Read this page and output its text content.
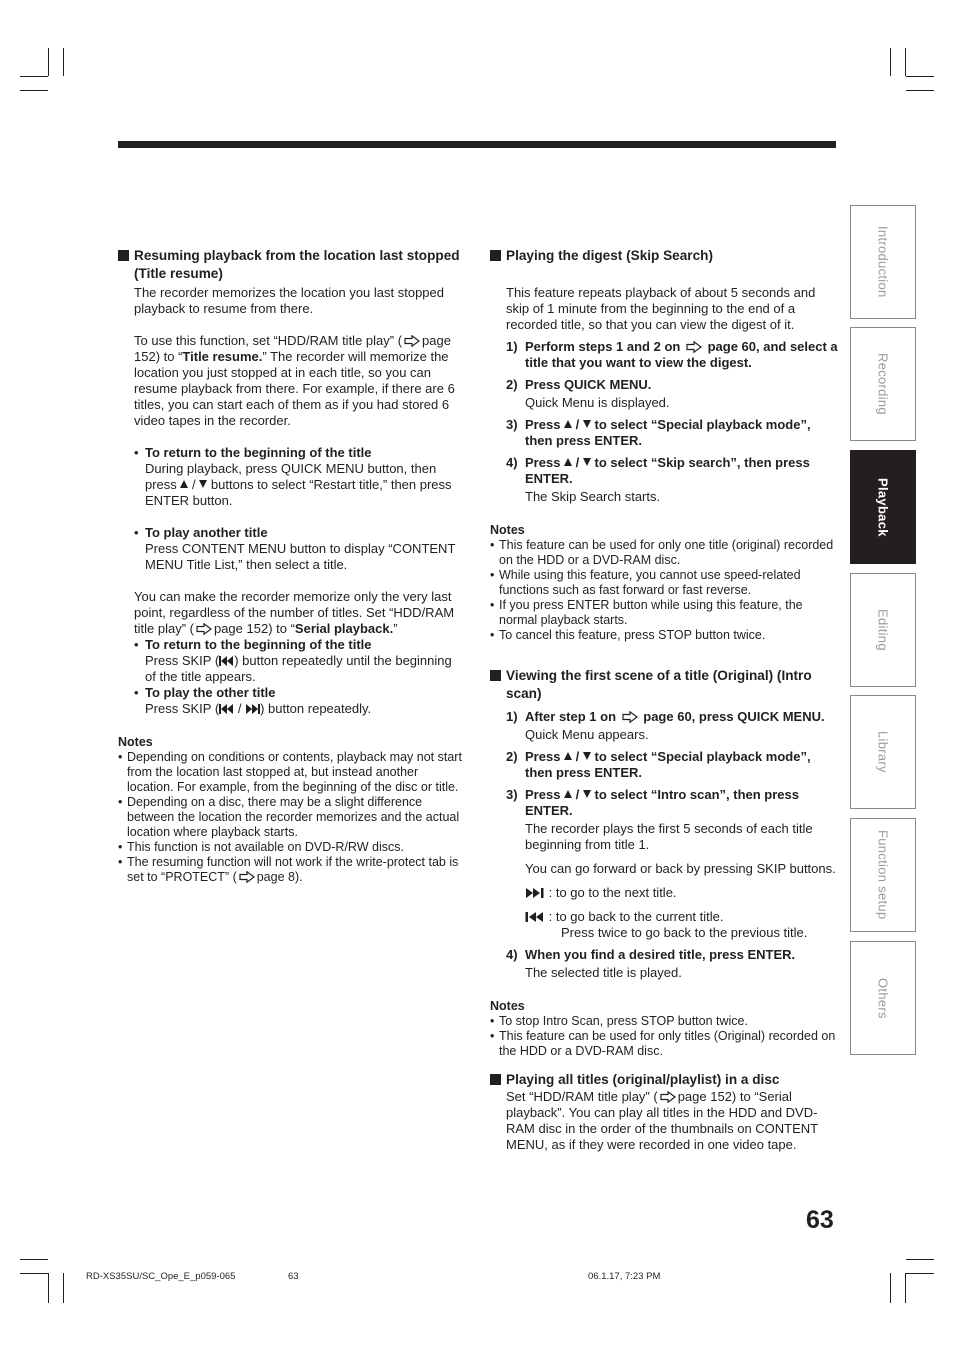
Resuming playback from the location last stopped (Title resume)

The recorder memorizes the location you last stopped playback to resume from there.

To use this function, set “HDD/RAM title play” ( page 152) to “Title resume.” The recorder will memorize the location you just stopped at in each title, so you can resume playback from there. For example, if there are 6 titles, you can start each of them as if you had stored 6 video tapes in the recorder.

• To return to the beginning of the title
During playback, press QUICK MENU button, then press / buttons to select “Restart title,” then press ENTER button.
• To play another title
Press CONTENT MENU button to display “CONTENT MENU Title List,” then select a title.

You can make the recorder memorize only the very last point, regardless of the number of titles. Set “HDD/RAM title play” ( page 152) to “Serial playback.”

• To return to the beginning of the title
Press SKIP ( ) button repeatedly until the beginning of the title appears.
• To play the other title
Press SKIP ( / ) button repeatedly.
Notes
• Depending on conditions or contents, playback may not start from the location last stopped at, but instead another location. For example, from the beginning of the disc or title.
• Depending on a disc, there may be a slight difference between the location the recorder memorizes and the actual location where playback starts.
• This function is not available on DVD-R/RW discs.
• The resuming function will not work if the write-protect tab is set to “PROTECT” ( page 8).
Playing the digest (Skip Search)

This feature repeats playback of about 5 seconds and skip of 1 minute from the beginning to the end of a recorded title, so that you can view the digest of it.

1) Perform steps 1 and 2 on page 60, and select a title that you want to view the digest.
2) Press QUICK MENU.
Quick Menu is displayed.
3) Press / to select “Special playback mode”, then press ENTER.
4) Press / to select “Skip search”, then press ENTER.
The Skip Search starts.
Notes
• This feature can be used for only one title (original) recorded on the HDD or a DVD-RAM disc.
• While using this feature, you cannot use speed-related functions such as fast forward or fast reverse.
• If you press ENTER button while using this feature, the normal playback starts.
• To cancel this feature, press STOP button twice.
Viewing the first scene of a title (Original) (Intro scan)
1) After step 1 on page 60, press QUICK MENU.
Quick Menu appears.
2) Press / to select “Special playback mode”, then press ENTER.
3) Press / to select “Intro scan”, then press ENTER.
The recorder plays the first 5 seconds of each title beginning from title 1.
You can go forward or back by pressing SKIP buttons.
: to go to the next title.
: to go back to the current title.
Press twice to go back to the previous title.
4) When you find a desired title, press ENTER.
The selected title is played.
Notes
• To stop Intro Scan, press STOP button twice.
• This feature can be used for only titles (Original) recorded on the HDD or a DVD-RAM disc.
Playing all titles (original/playlist) in a disc

Set “HDD/RAM title play” ( page 152) to “Serial playback”. You can play all titles in the HDD and DVD-RAM disc in the order of the thumbnails on CONTENT MENU, as if they were recorded in one video tape.

Introduction
Recording
Playback
Editing
Library
Function setup
Others
63
RD-XS35SU/SC_Ope_E_p059-065	63	06.1.17, 7:23 PM
